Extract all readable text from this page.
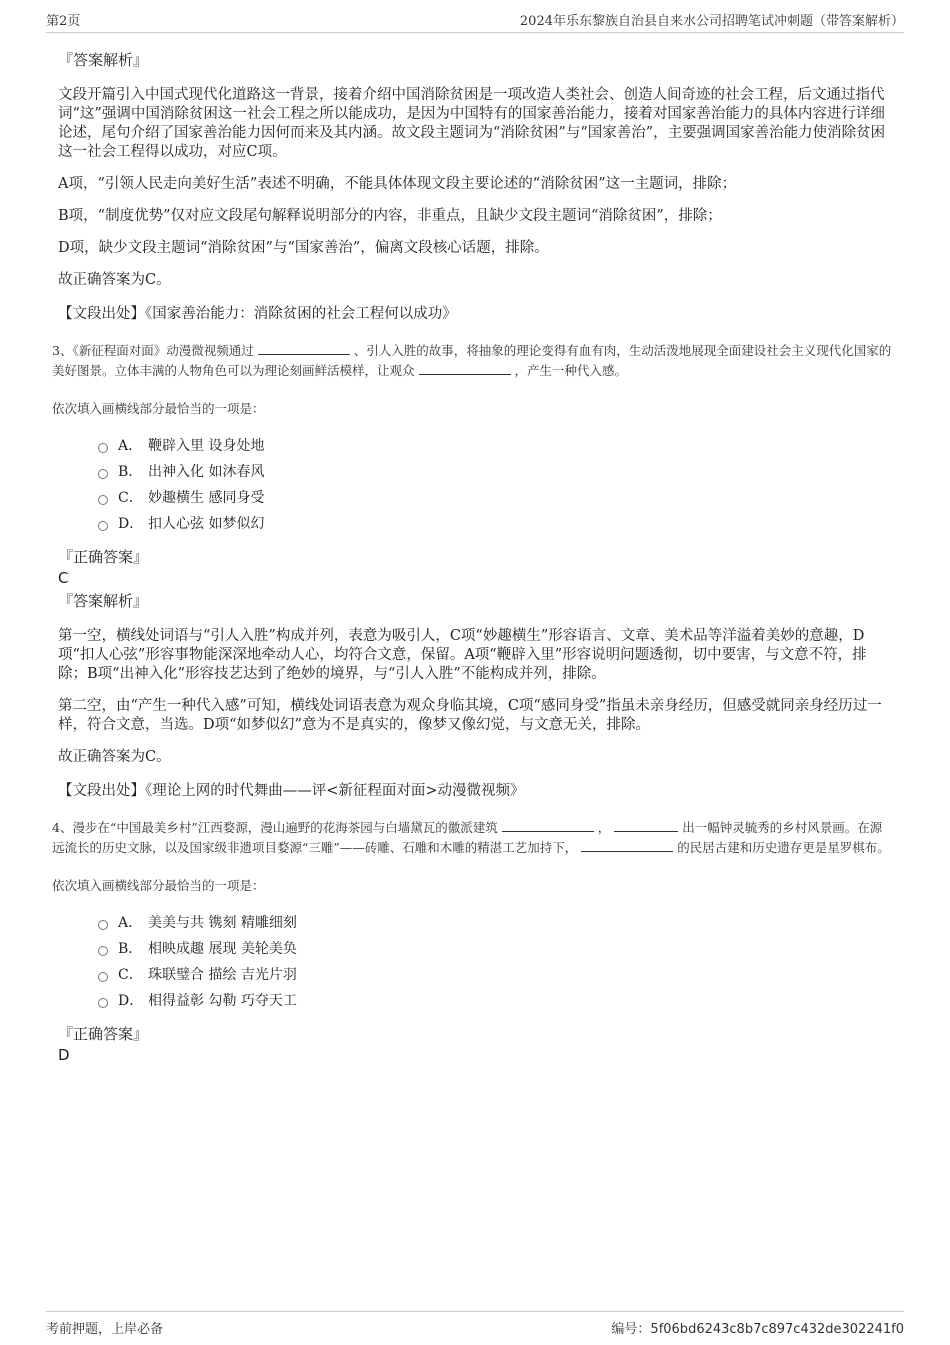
第2页	2024年乐东黎族自治县自来水公司招聘笔试冲刺题（带答案解析）
『答案解析』

文段开篇引入中国式现代化道路这一背景，接着介绍中国消除贫困是一项改造人类社会、创造人间奇迹的社会工程，后文通过指代词“这”强调中国消除贫困这一社会工程之所以能成功，是因为中国特有的国家善治能力，接着对国家善治能力的具体内容进行详细论述，尾句介绍了国家善治能力因何而来及其内涵。故文段主题词为“消除贫困”与“国家善治”，主要强调国家善治能力使消除贫困这一社会工程得以成功，对应C项。

A项，“引领人民走向美好生活”表述不明确，不能具体体现文段主要论述的“消除贫困”这一主题词，排除；

B项，“制度优势”仅对应文段尾句解释说明部分的内容，非重点，且缺少文段主题词“消除贫困”，排除；

D项，缺少文段主题词“消除贫困”与“国家善治”，偏离文段核心话题，排除。

故正确答案为C。

【文段出处】《国家善治能力：消除贫困的社会工程何以成功》

3、《新征程面对面》动漫微视频通过	、引人入胜的故事，将抽象的理论变得有血有肉，生动活泼地展现全面建设社会主义现代化国家的美好图景。立体丰满的人物角色可以为理论刻画鲜活模样，让观众	，产生一种代入感。

依次填入画横线部分最恰当的一项是：

A． 鞭辟入里 设身处地
B． 出神入化 如沐春风
C． 妙趣横生 感同身受
D． 扣人心弦 如梦似幻
『正确答案』

C

『答案解析』

第一空，横线处词语与“引人入胜”构成并列，表意为吸引人，C项“妙趣横生”形容语言、文章、美术品等洋溢着美妙的意趣，D项“扣人心弦”形容事物能深深地牵动人心，均符合文意，保留。A项“鞭辟入里”形容说明问题透彻，切中要害，与文意不符，排除；B项“出神入化”形容技艺达到了绝妙的境界，与“引人入胜”不能构成并列，排除。

第二空，由“产生一种代入感”可知，横线处词语表意为观众身临其境，C项“感同身受”指虽未亲身经历，但感受就同亲身经历过一样，符合文意，当选。D项“如梦似幻”意为不是真实的，像梦又像幻觉，与文意无关，排除。

故正确答案为C。

【文段出处】《理论上网的时代舞曲——评<新征程面对面>动漫微视频》

4、漫步在“中国最美乡村”江西婺源，漫山遍野的花海茶园与白墙黛瓦的徽派建筑	，	出一幅钟灵毓秀的乡村风景画。在源远流长的历史文脉，以及国家级非遗项目婺源“三雕”——砖雕、石雕和木雕的精湛工艺加持下，	的民居古建和历史遗存更是星罗棋布。

依次填入画横线部分最恰当的一项是：

A． 美美与共 镌刻 精雕细刻
B． 相映成趣 展现 美轮美奂
C． 珠联璧合 描绘 吉光片羽
D． 相得益彰 勾勒 巧夺天工
『正确答案』

D

考前押题，上岸必备	编号：5f06bd6243c8b7c897c432de302241f0
